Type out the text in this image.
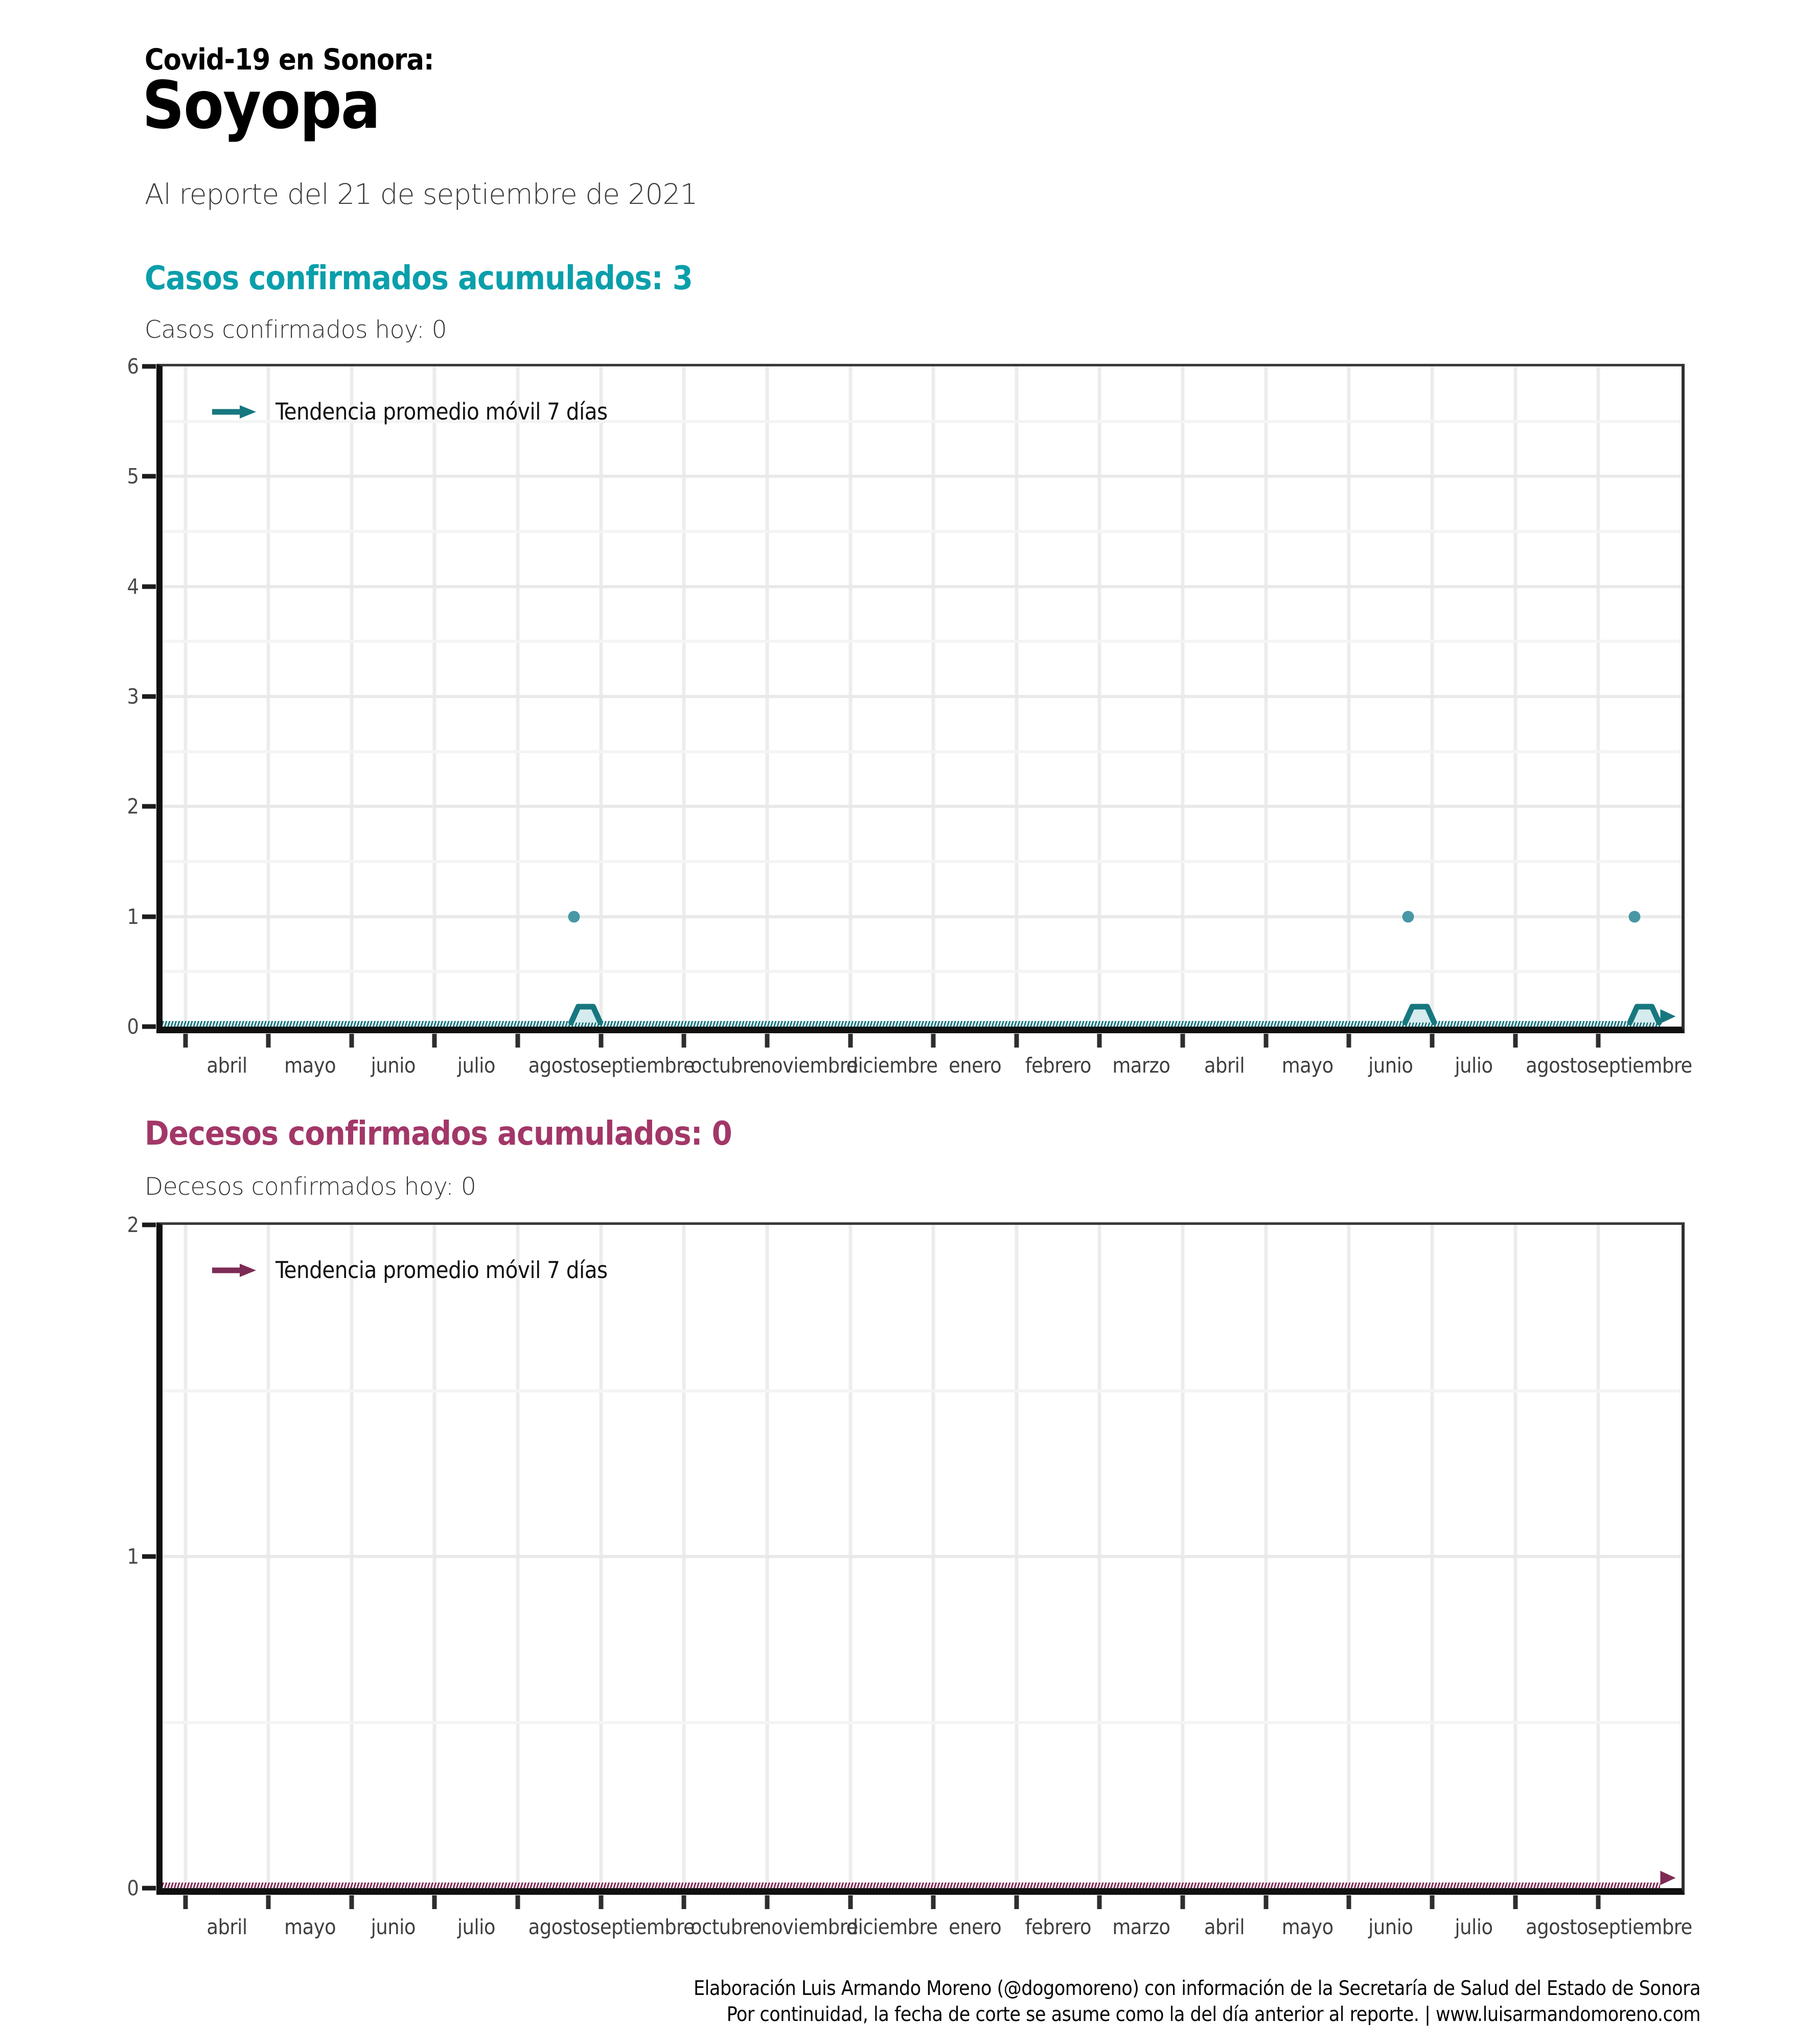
Covid-19 en Sonora:
Soyopa
Al reporte del 21 de septiembre de 2021
Casos confirmados acumulados: 3
Casos confirmados hoy: 0
abril mayo junio julio agosto septiembre
octubre
noviembre
diciembre enero febrero marzo abril mayo junio julio agosto septiembre
0
1
2
3
4
5
6
Tendencia promedio móvil 7 días
Decesos confirmados acumulados: 0
Decesos confirmados hoy: 0
abril mayo junio julio agosto septiembre
octubre
noviembre
diciembre enero febrero marzo abril mayo junio julio agosto septiembre
0
1
2
Tendencia promedio móvil 7 días
Elaboración Luis Armando Moreno (@dogomoreno) con información de la Secretaría de Salud del Estado de Sonora
Por continuidad, la fecha de corte se asume como la del día anterior al reporte. | www.luisarmandomoreno.com
